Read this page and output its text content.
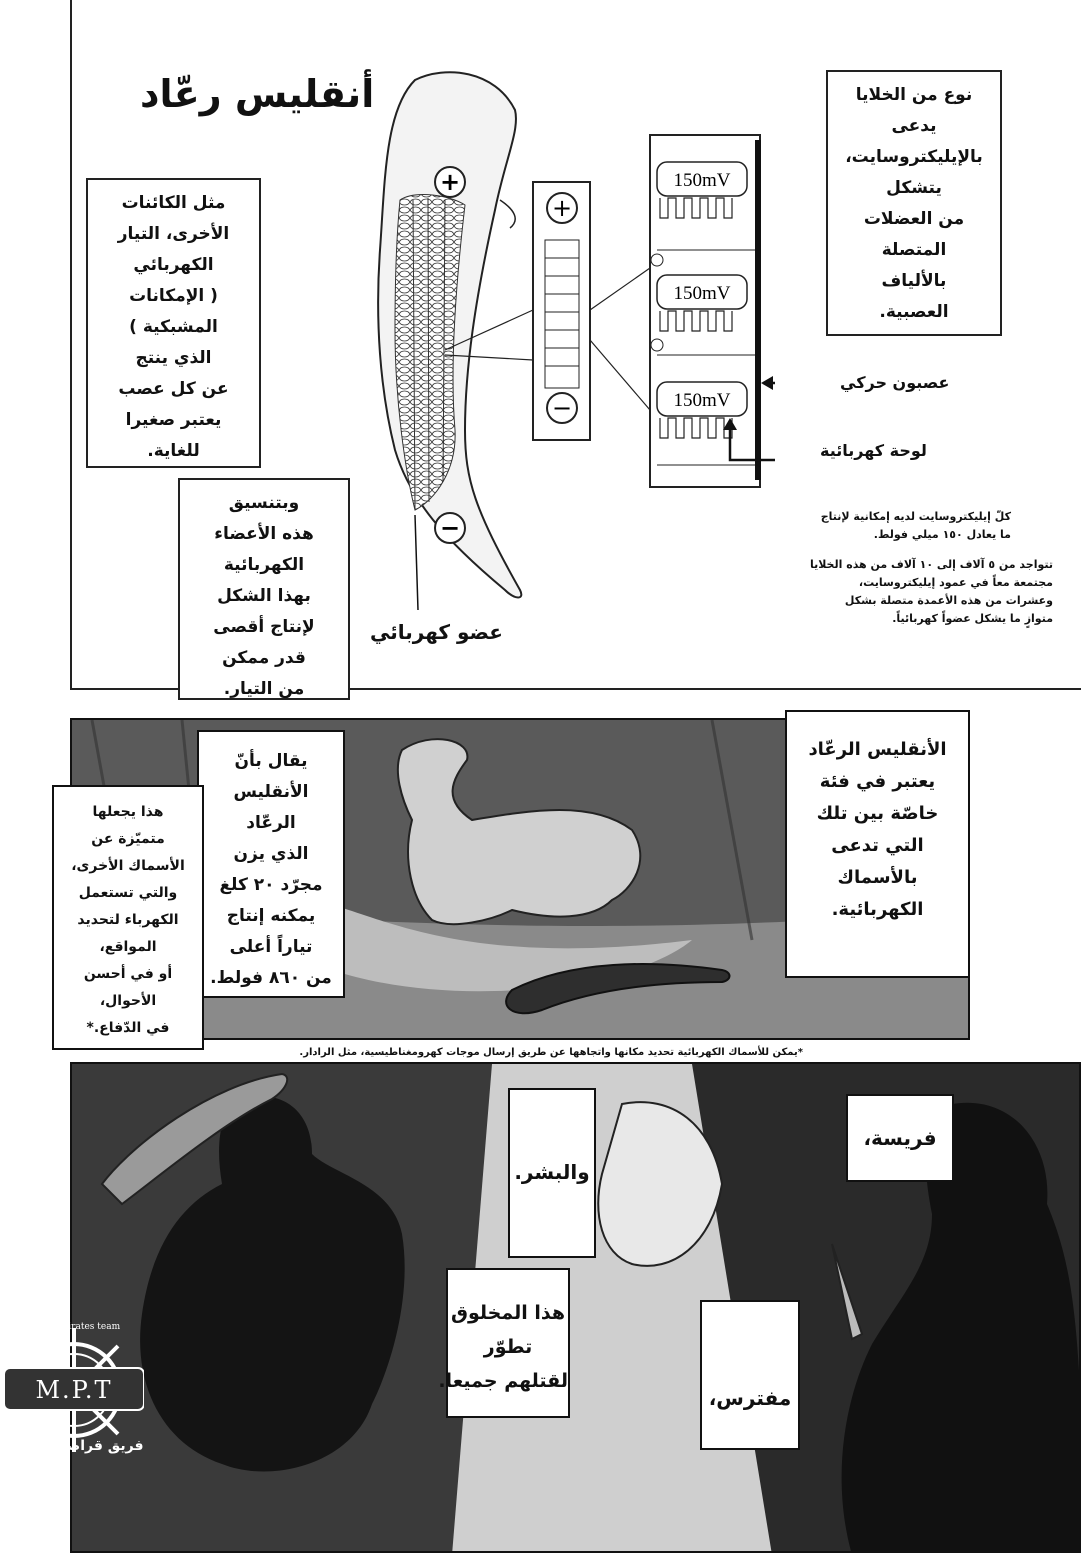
أنقليس رعّاد
مثل الكائنات
الأخرى، التيار
الكهربائي
( الإمكانات
المشبكية )
الذي ينتج
عن كل عصب
يعتبر صغيرا
للغاية.
وبتنسيق
هذه الأعضاء
الكهربائية
بهذا الشكل
لإنتاج أقصى
قدر ممكن
من التيار.
نوع من الخلايا
يدعى
بالإيليكتروسايت،
يتشكل
من العضلات
المتصلة
بالألياف
العصبية.
+
−
+
−
150mV
150mV
150mV
عصبون حركي
لوحة كهربائية
عضو كهربائي
كلّ إيليكتروسايت لديه إمكانية لإنتاج
ما يعادل ١٥٠ ميلي فولط.
تتواجد من ٥ آلاف إلى ١٠ آلاف من هذه الخلايا
مجتمعة معاً في عمود إيليكتروسايت،
وعشرات من هذه الأعمدة متصلة بشكل
متوازٍ ما يشكل عضواً كهربائياً.
الأنقليس الرعّاد
يعتبر في فئة
خاصّة بين تلك
التي تدعى
بالأسماك
الكهربائية.
يقال بأنّ
الأنقليس
الرعّاد
الذي يزن
مجرّد ٢٠ كلغ
يمكنه إنتاج
تياراً أعلى
من ٨٦٠ فولط.
هذا يجعلها
متميّزة عن
الأسماك الأخرى،
والتي تستعمل
الكهرباء لتحديد
المواقع،
أو في أحسن
الأحوال،
في الدّفاع.*
*يمكن للأسماك الكهربائية تحديد مكانها واتجاهها عن طريق إرسال موجات كهرومغناطيسية، مثل الرادار.
فريسة،
والبشر.
هذا المخلوق
تطوّر
لقتلهم جميعا.
مفترس،
M.P.T
Manga Pirates team
فريق قراصنة المانغا
